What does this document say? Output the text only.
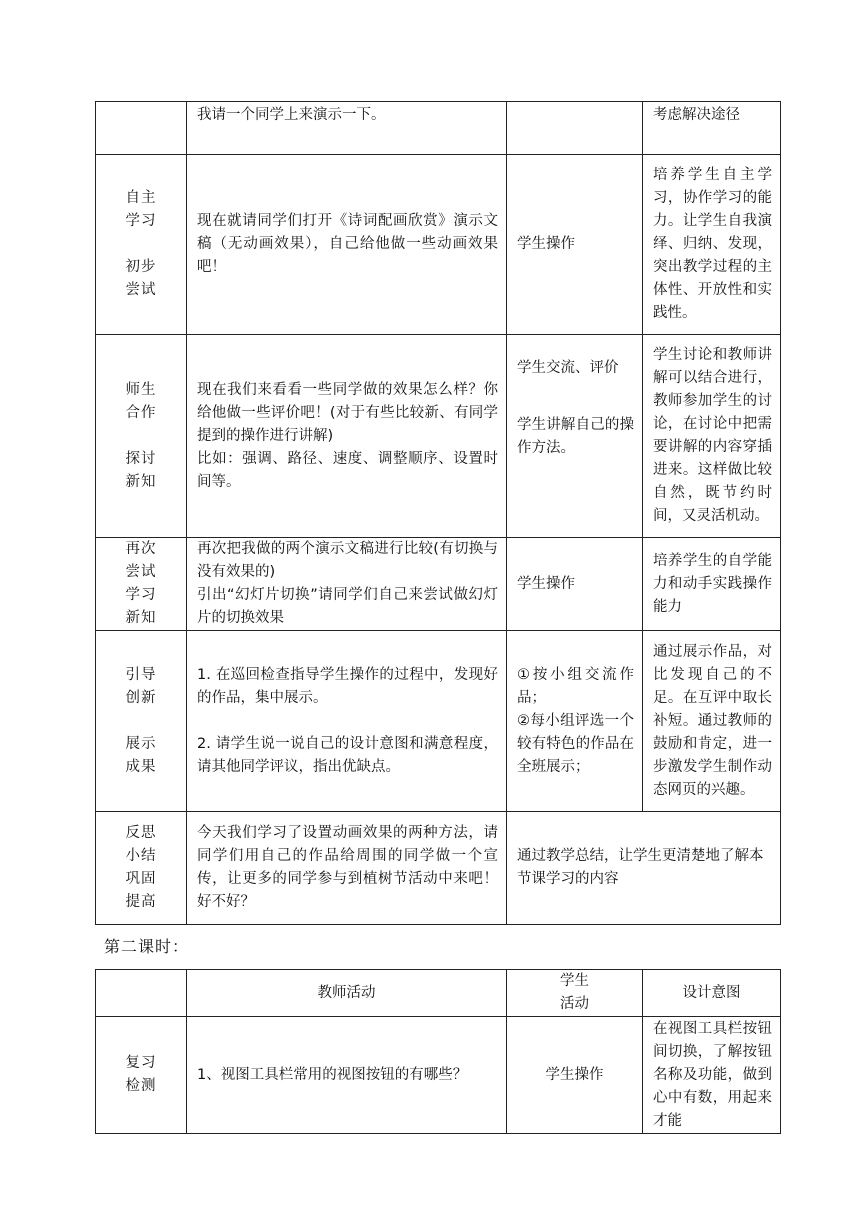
	我请一个同学上来演示一下。		考虑解决途径

自主
学习
初步
尝试	现在就请同学们打开《诗词配画欣赏》演示文稿（无动画效果），自己给他做一些动画效果吧！	学生操作	培养学生自主学习，协作学习的能力。让学生自我演绎、归纳、发现，突出教学过程的主体性、开放性和实践性。

师生
合作
探讨
新知	现在我们来看看一些同学做的效果怎么样？你给他做一些评价吧！(对于有些比较新、有同学提到的操作进行讲解)
比如：强调、路径、速度、调整顺序、设置时间等。	学生交流、评价
学生讲解自己的操作方法。	学生讨论和教师讲解可以结合进行，教师参加学生的讨论，在讨论中把需要讲解的内容穿插进来。这样做比较自然，既节约时间，又灵活机动。

再次
尝试
学习
新知	再次把我做的两个演示文稿进行比较(有切换与没有效果的)
引出“幻灯片切换”请同学们自己来尝试做幻灯片的切换效果	学生操作	培养学生的自学能力和动手实践操作能力

引导
创新
展示
成果	1. 在巡回检查指导学生操作的过程中，发现好的作品，集中展示。
2. 请学生说一说自己的设计意图和满意程度，请其他同学评议，指出优缺点。	①按小组交流作品；
②每小组评选一个较有特色的作品在全班展示；	通过展示作品，对比发现自己的不足。在互评中取长补短。通过教师的鼓励和肯定，进一步激发学生制作动态网页的兴趣。

反思
小结
巩固
提高	今天我们学习了设置动画效果的两种方法，请同学们用自己的作品给周围的同学做一个宣传，让更多的同学参与到植树节活动中来吧！好不好？	通过教学总结，让学生更清楚地了解本节课学习的内容	
第二课时：
	教师活动	学生
活动	设计意图

复习
检测	1、视图工具栏常用的视图按钮的有哪些？	学生操作	在视图工具栏按钮间切换，了解按钮名称及功能，做到心中有数，用起来才能
